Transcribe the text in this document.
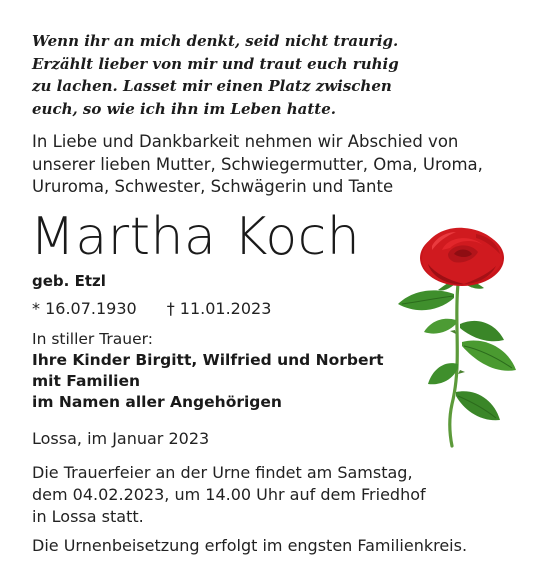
Wenn ihr an mich denkt, seid nicht traurig.
Erzählt lieber von mir und traut euch ruhig
zu lachen. Lasset mir einen Platz zwischen
euch, so wie ich ihn im Leben hatte.
In Liebe und Dankbarkeit nehmen wir Abschied von
unserer lieben Mutter, Schwiegermutter, Oma, Uroma,
Ururoma, Schwester, Schwägerin und Tante
Martha Koch
geb. Etzl
* 16.07.1930 † 11.01.2023
In stiller Trauer:
Ihre Kinder Birgitt, Wilfried und Norbert
mit Familien
im Namen aller Angehörigen
Lossa, im Januar 2023
Die Trauerfeier an der Urne findet am Samstag,
dem 04.02.2023, um 14.00 Uhr auf dem Friedhof
in Lossa statt.
Die Urnenbeisetzung erfolgt im engsten Familienkreis.
